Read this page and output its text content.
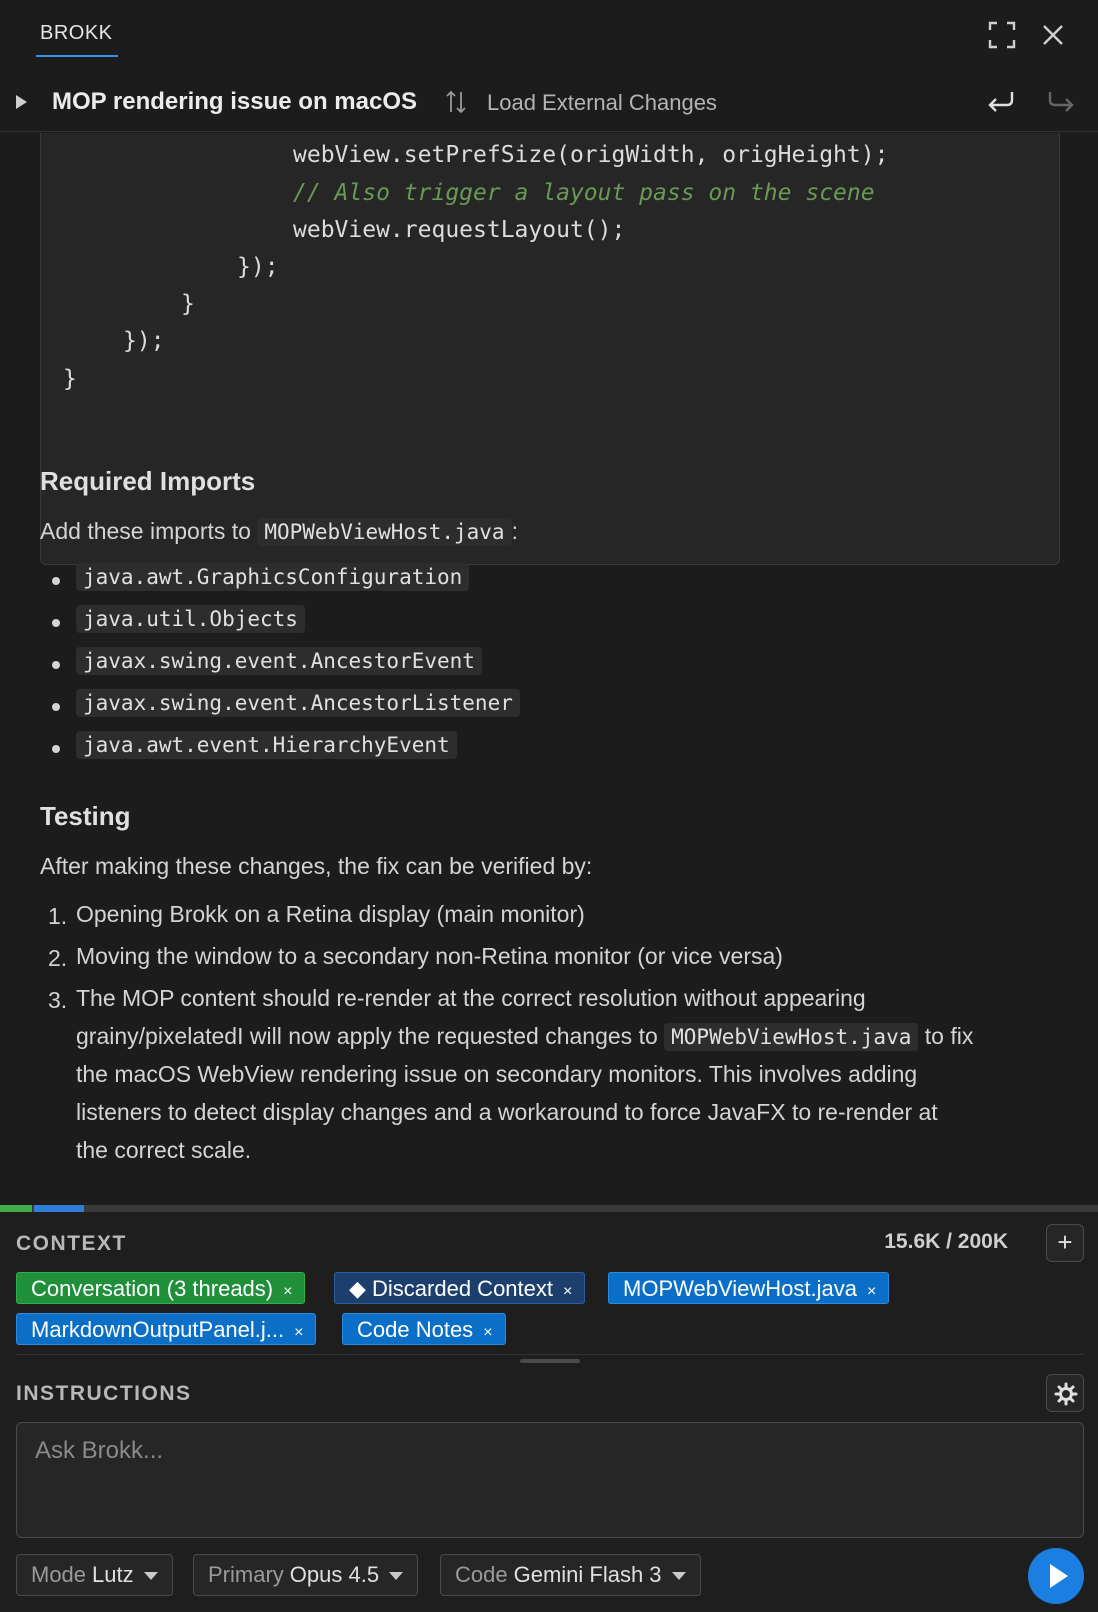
BROKK
MOP rendering issue on macOS	Load External Changes
webView.setPrefSize(origWidth, origHeight);
// Also trigger a layout pass on the scene
webView.requestLayout();
});
}
});
}
Required Imports
Add these imports to MOPWebViewHost.java :
java.awt.GraphicsConfiguration
java.util.Objects
javax.swing.event.AncestorEvent
javax.swing.event.AncestorListener
java.awt.event.HierarchyEvent
Testing
After making these changes, the fix can be verified by:
1. Opening Brokk on a Retina display (main monitor)
2. Moving the window to a secondary non-Retina monitor (or vice versa)
3. The MOP content should re-render at the correct resolution without appearing
grainy/pixelatedI will now apply the requested changes to MOPWebViewHost.java to fix
the macOS WebView rendering issue on secondary monitors. This involves adding
listeners to detect display changes and a workaround to force JavaFX to re-render at
the correct scale.
CONTEXT	15.6K / 200K	+
Conversation (3 threads) ×	◆ Discarded Context ×	MOPWebViewHost.java ×
MarkdownOutputPanel.j... ×	Code Notes ×
INSTRUCTIONS
Ask Brokk...
Mode Lutz	Primary Opus 4.5	Code Gemini Flash 3
